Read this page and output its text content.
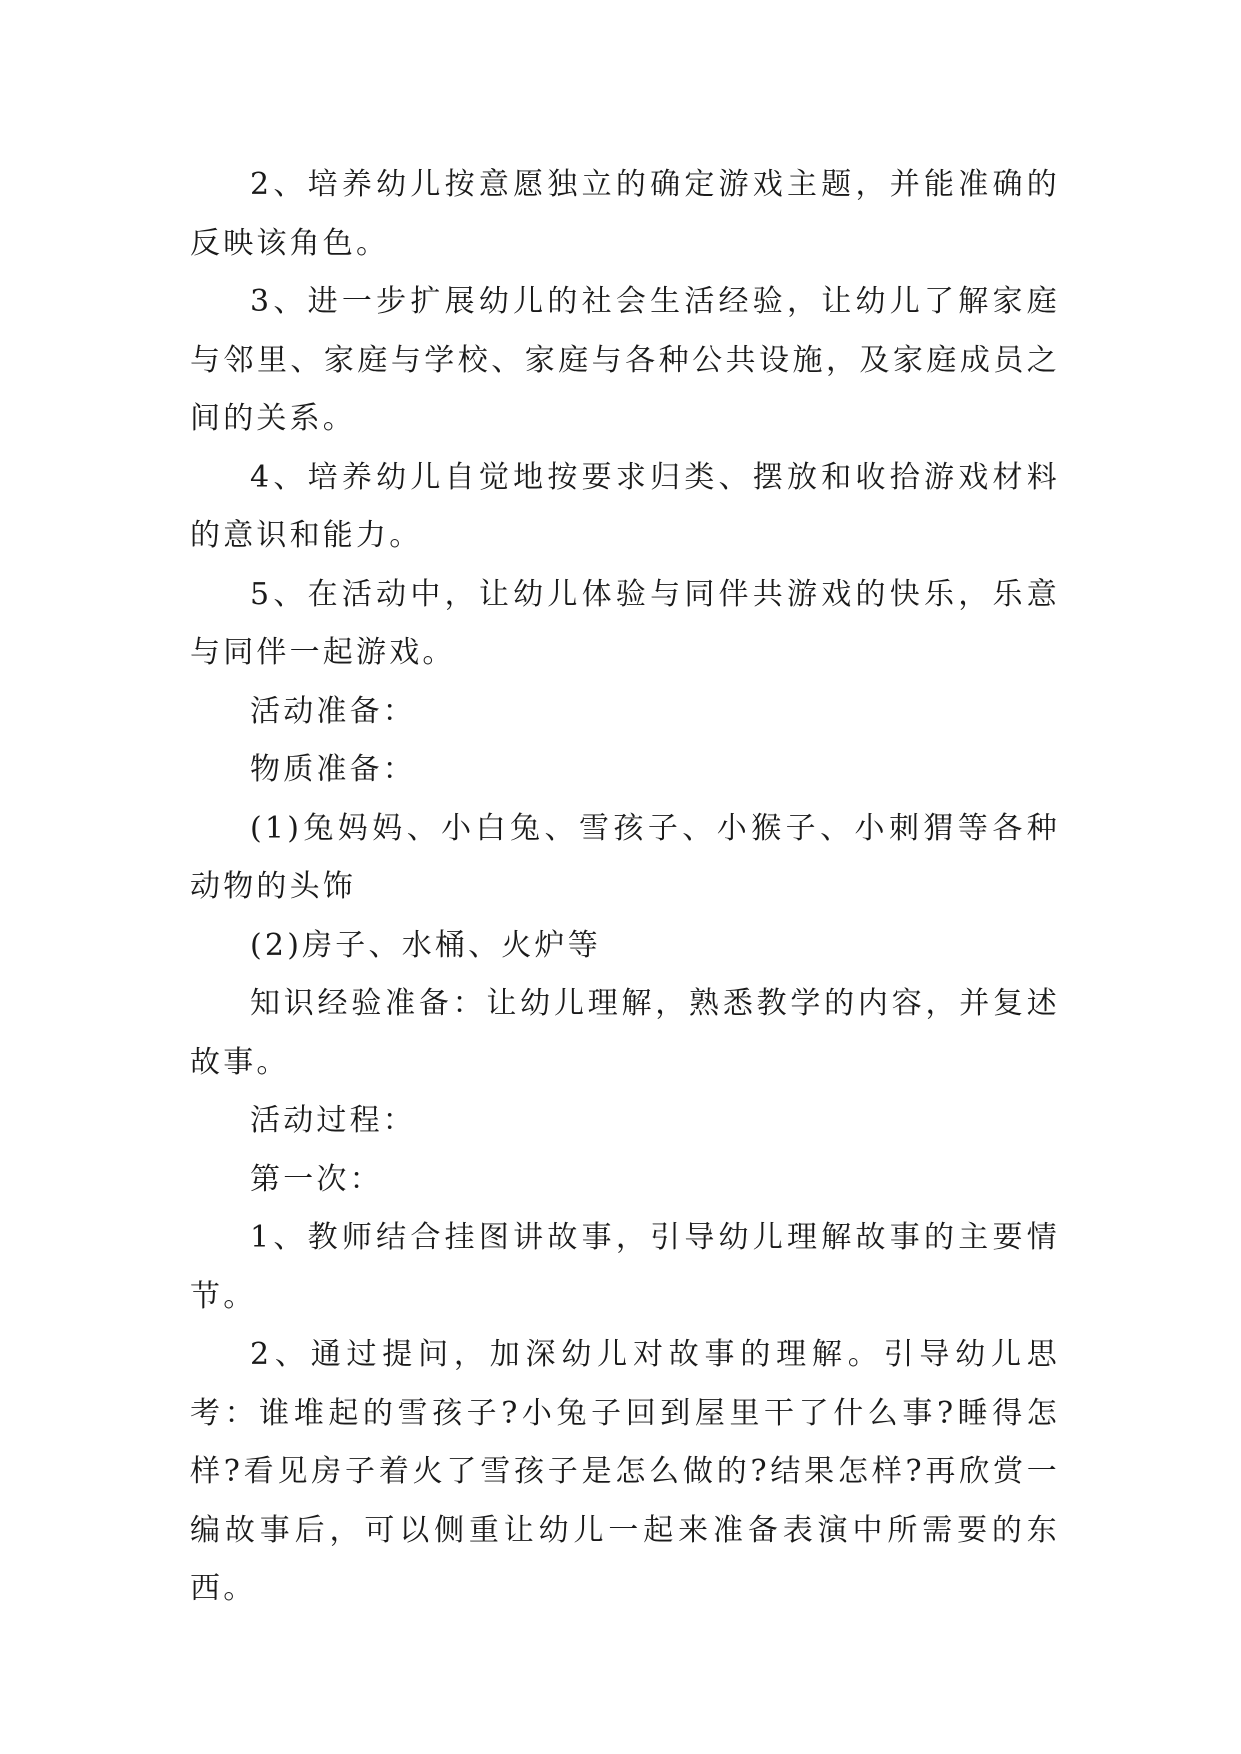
2、培养幼儿按意愿独立的确定游戏主题，并能准确的反映该角色。

3、进一步扩展幼儿的社会生活经验，让幼儿了解家庭与邻里、家庭与学校、家庭与各种公共设施，及家庭成员之间的关系。

4、培养幼儿自觉地按要求归类、摆放和收拾游戏材料的意识和能力。

5、在活动中，让幼儿体验与同伴共游戏的快乐，乐意与同伴一起游戏。

活动准备：

物质准备：

(1)兔妈妈、小白兔、雪孩子、小猴子、小刺猬等各种动物的头饰

(2)房子、水桶、火炉等

知识经验准备：让幼儿理解，熟悉教学的内容，并复述故事。

活动过程：

第一次：

1、教师结合挂图讲故事，引导幼儿理解故事的主要情节。

2、通过提问，加深幼儿对故事的理解。引导幼儿思考：谁堆起的雪孩子?小兔子回到屋里干了什么事?睡得怎样?看见房子着火了雪孩子是怎么做的?结果怎样?再欣赏一编故事后，可以侧重让幼儿一起来准备表演中所需要的东西。
